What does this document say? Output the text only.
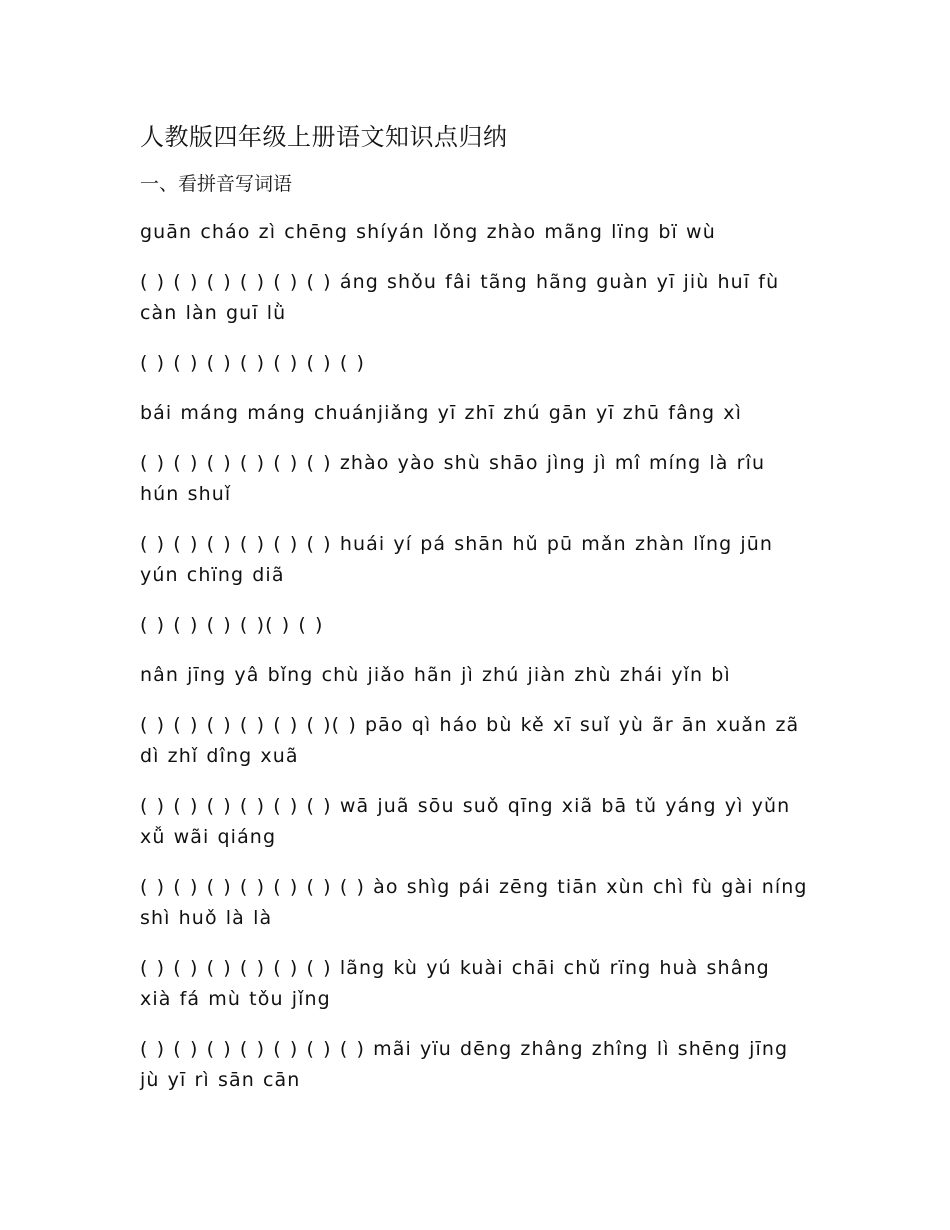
人教版四年级上册语文知识点归纳
一、看拼音写词语

guān cháo zì chēng shíyán lǒng zhào mãng lïng bï wù

( ) ( ) ( ) ( ) ( ) ( ) áng shǒu fâi tãng hãng guàn yī jiù huī fù càn làn guī lǜ

( ) ( ) ( ) ( ) ( ) ( ) ( )

bái máng máng chuánjiǎng yī zhī zhú gān yī zhū fâng xì

( ) ( ) ( ) ( ) ( ) ( ) zhào yào shù shāo jìng jì mî míng là rîu hún shuǐ

( ) ( ) ( ) ( ) ( ) ( ) huái yí pá shān hǔ pū mǎn zhàn lǐng jūn yún chïng diã

( ) ( ) ( ) ( )( ) ( )

nân jīng yâ bǐng chù jiǎo hãn jì zhú jiàn zhù zhái yǐn bì

( ) ( ) ( ) ( ) ( ) ( )( ) pāo qì háo bù kě xī suǐ yù ãr ān xuǎn zã dì zhǐ dîng xuã

( ) ( ) ( ) ( ) ( ) ( ) wā juã sōu suǒ qīng xiã bā tǔ yáng yì yǔn xǚ wãi qiáng

( ) ( ) ( ) ( ) ( ) ( ) ( ) ào shìg pái zēng tiān xùn chì fù gài níng shì huǒ là là

( ) ( ) ( ) ( ) ( ) ( ) lãng kù yú kuài chāi chǔ rïng huà shâng xià fá mù tǒu jǐng

( ) ( ) ( ) ( ) ( ) ( ) ( ) mãi yïu dēng zhâng zhîng lì shēng jīng jù yī rì sān cān
